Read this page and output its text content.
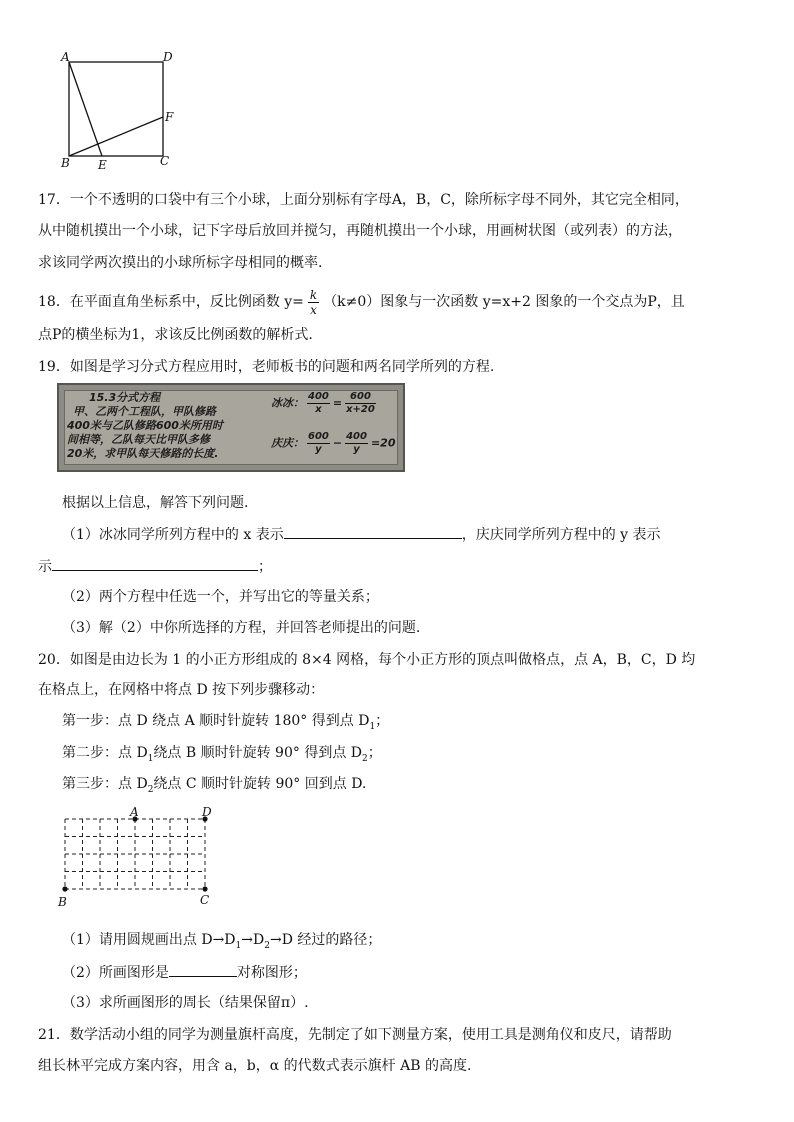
A	D
F
B E	C
17．一个不透明的口袋中有三个小球，上面分别标有字母A，B，C，除所标字母不同外，其它完全相同，
从中随机摸出一个小球，记下字母后放回并搅匀，再随机摸出一个小球，用画树状图（或列表）的方法，
求该同学两次摸出的小球所标字母相同的概率.
18．在平面直角坐标系中，反比例函数 $y= \frac{k}{x} (k\ne 0)$图象与一次函数 y=x+2 图象的一个交点为P，且
点P的横坐标为1，求该反比例函数的解析式.
19．如图是学习分式方程应用时，老师板书的问题和两名同学所列的方程.
15.3分式方程
甲、乙两个工程队，甲队修路
400米与乙队修路600米所用时
间相等，乙队每天比甲队多修
20米，求甲队每天修路的长度.
冰冰： $\frac{400}{x} = \frac{600}{x+20}$
庆庆： $\frac{600}{y} - \frac{400}{y} =20$
根据以上信息，解答下列问题.
（1）冰冰同学所列方程中的 x 表示	，庆庆同学所列方程中的 y 表示
示	；
（2）两个方程中任选一个，并写出它的等量关系；
（3）解（2）中你所选择的方程，并回答老师提出的问题.
20．如图是由边长为 1 的小正方形组成的 8×4 网格，每个小正方形的顶点叫做格点，点 A，B，C，D 均
在格点上，在网格中将点 D 按下列步骤移动：
第一步：点 D 绕点 A 顺时针旋转 180° 得到点 $D_1$；
第二步：点 $D_1$绕点 B 顺时针旋转 90° 得到点 $D_2$；
第三步：点 $D_2$绕点 C 顺时针旋转 90° 回到点 D.
A	D
B	C
（1）请用圆规画出点 $D\to D_1\to D_2\to D$ 经过的路径；
（2）所画图形是	对称图形；
（3）求所画图形的周长（结果保留π）.
21．数学活动小组的同学为测量旗杆高度，先制定了如下测量方案，使用工具是测角仪和皮尺，请帮助
组长林平完成方案内容，用含 a，b，α 的代数式表示旗杆 AB 的高度.
